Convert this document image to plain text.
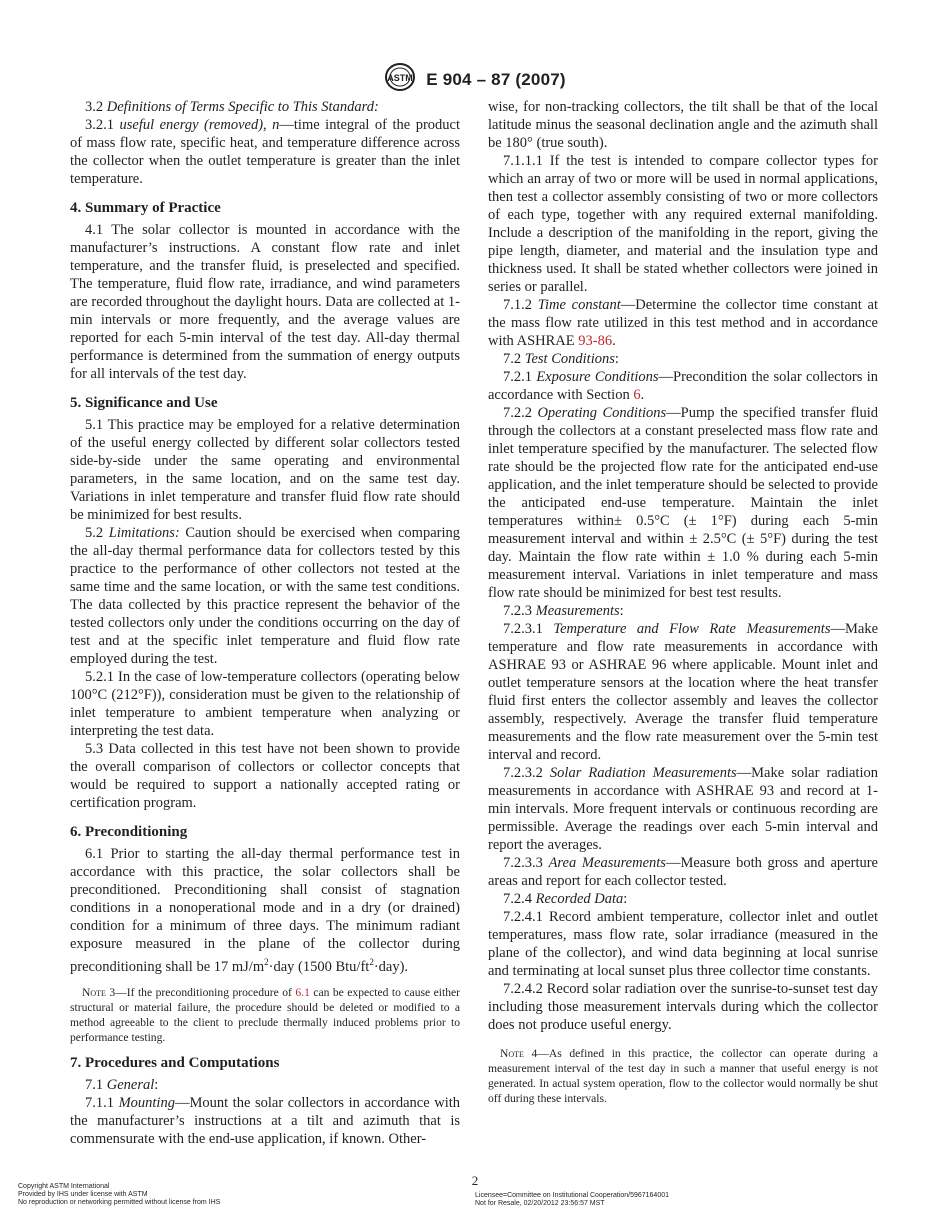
ASTM E 904 – 87 (2007)

3.2 Definitions of Terms Specific to This Standard:

3.2.1 useful energy (removed), n—time integral of the product of mass flow rate, specific heat, and temperature difference across the collector when the outlet temperature is greater than the inlet temperature.

4. Summary of Practice

4.1 The solar collector is mounted in accordance with the manufacturer’s instructions. A constant flow rate and inlet temperature, and the transfer fluid, is preselected and specified. The temperature, fluid flow rate, irradiance, and wind parameters are recorded throughout the daylight hours. Data are collected at 1-min intervals or more frequently, and the average values are reported for each 5-min interval of the test day. All-day thermal performance is determined from the summation of energy outputs for all intervals of the test day.

5. Significance and Use

5.1 This practice may be employed for a relative determination of the useful energy collected by different solar collectors tested side-by-side under the same operating and environmental parameters, in the same location, and on the same test day. Variations in inlet temperature and transfer fluid flow rate should be minimized for best results.

5.2 Limitations: Caution should be exercised when comparing the all-day thermal performance data for collectors tested by this practice to the performance of other collectors not tested at the same time and the same location, or with the same test conditions. The data collected by this practice represent the behavior of the tested collectors only under the conditions occurring on the day of test and at the specific inlet temperature and fluid flow rate employed during the test.

5.2.1 In the case of low-temperature collectors (operating below 100°C (212°F)), consideration must be given to the relationship of inlet temperature to ambient temperature when analyzing or interpreting the test data.

5.3 Data collected in this test have not been shown to provide the overall comparison of collectors or collector concepts that would be required to support a nationally accepted rating or certification program.

6. Preconditioning

6.1 Prior to starting the all-day thermal performance test in accordance with this practice, the solar collectors shall be preconditioned. Preconditioning shall consist of stagnation conditions in a nonoperational mode and in a dry (or drained) condition for a minimum of three days. The minimum radiant exposure measured in the plane of the collector during preconditioning shall be 17 $mJ/m^2\cdot day$ (1500 Btu/$ft^2\cdot day$).

Note 3—If the preconditioning procedure of 6.1 can be expected to cause either structural or material failure, the procedure should be deleted or modified to a method agreeable to the client to preclude thermally induced problems prior to performance testing.

7. Procedures and Computations

7.1 General:

7.1.1 Mounting—Mount the solar collectors in accordance with the manufacturer’s instructions at a tilt and azimuth that is commensurate with the end-use application, if known. Other-

wise, for non-tracking collectors, the tilt shall be that of the local latitude minus the seasonal declination angle and the azimuth shall be 180° (true south).

7.1.1.1 If the test is intended to compare collector types for which an array of two or more will be used in normal applications, then test a collector assembly consisting of two or more collectors of each type, together with any required external manifolding. Include a description of the manifolding in the report, giving the pipe length, diameter, and material and the insulation type and thickness used. It shall be stated whether collectors were joined in series or parallel.

7.1.2 Time constant—Determine the collector time constant at the mass flow rate utilized in this test method and in accordance with ASHRAE 93-86.

7.2 Test Conditions:

7.2.1 Exposure Conditions—Precondition the solar collectors in accordance with Section 6.

7.2.2 Operating Conditions—Pump the specified transfer fluid through the collectors at a constant preselected mass flow rate and inlet temperature specified by the manufacturer. The selected flow rate should be the projected flow rate for the anticipated end-use application, and the inlet temperature should be selected to provide the anticipated end-use temperature. Maintain the inlet temperatures within± 0.5°C (± 1°F) during each 5-min measurement interval and within ± 2.5°C (± 5°F) during the test day. Maintain the flow rate within ± 1.0 % during each 5-min measurement interval. Variations in inlet temperature and mass flow rate should be minimized for best test results.

7.2.3 Measurements:

7.2.3.1 Temperature and Flow Rate Measurements—Make temperature and flow rate measurements in accordance with ASHRAE 93 or ASHRAE 96 where applicable. Mount inlet and outlet temperature sensors at the location where the heat transfer fluid first enters the collector assembly and leaves the collector assembly, respectively. Average the transfer fluid temperature measurements and the flow rate measurement over the 5-min test interval and record.

7.2.3.2 Solar Radiation Measurements—Make solar radiation measurements in accordance with ASHRAE 93 and record at 1-min intervals. More frequent intervals or continuous recording are permissible. Average the readings over each 5-min interval and report the averages.

7.2.3.3 Area Measurements—Measure both gross and aperture areas and report for each collector tested.

7.2.4 Recorded Data:

7.2.4.1 Record ambient temperature, collector inlet and outlet temperatures, mass flow rate, solar irradiance (measured in the plane of the collector), and wind data beginning at local sunrise and terminating at local sunset plus three collector time constants.

7.2.4.2 Record solar radiation over the sunrise-to-sunset test day including those measurement intervals during which the collector does not produce useful energy.

Note 4—As defined in this practice, the collector can operate during a measurement interval of the test day in such a manner that useful energy is not generated. In actual system operation, flow to the collector would normally be shut off during these intervals.

2
Copyright ASTM International
Provided by IHS under license with ASTM
No reproduction or networking permitted without license from IHS
Licensee=Committee on Institutional Cooperation/5967164001
Not for Resale, 02/20/2012 23:56:57 MST
